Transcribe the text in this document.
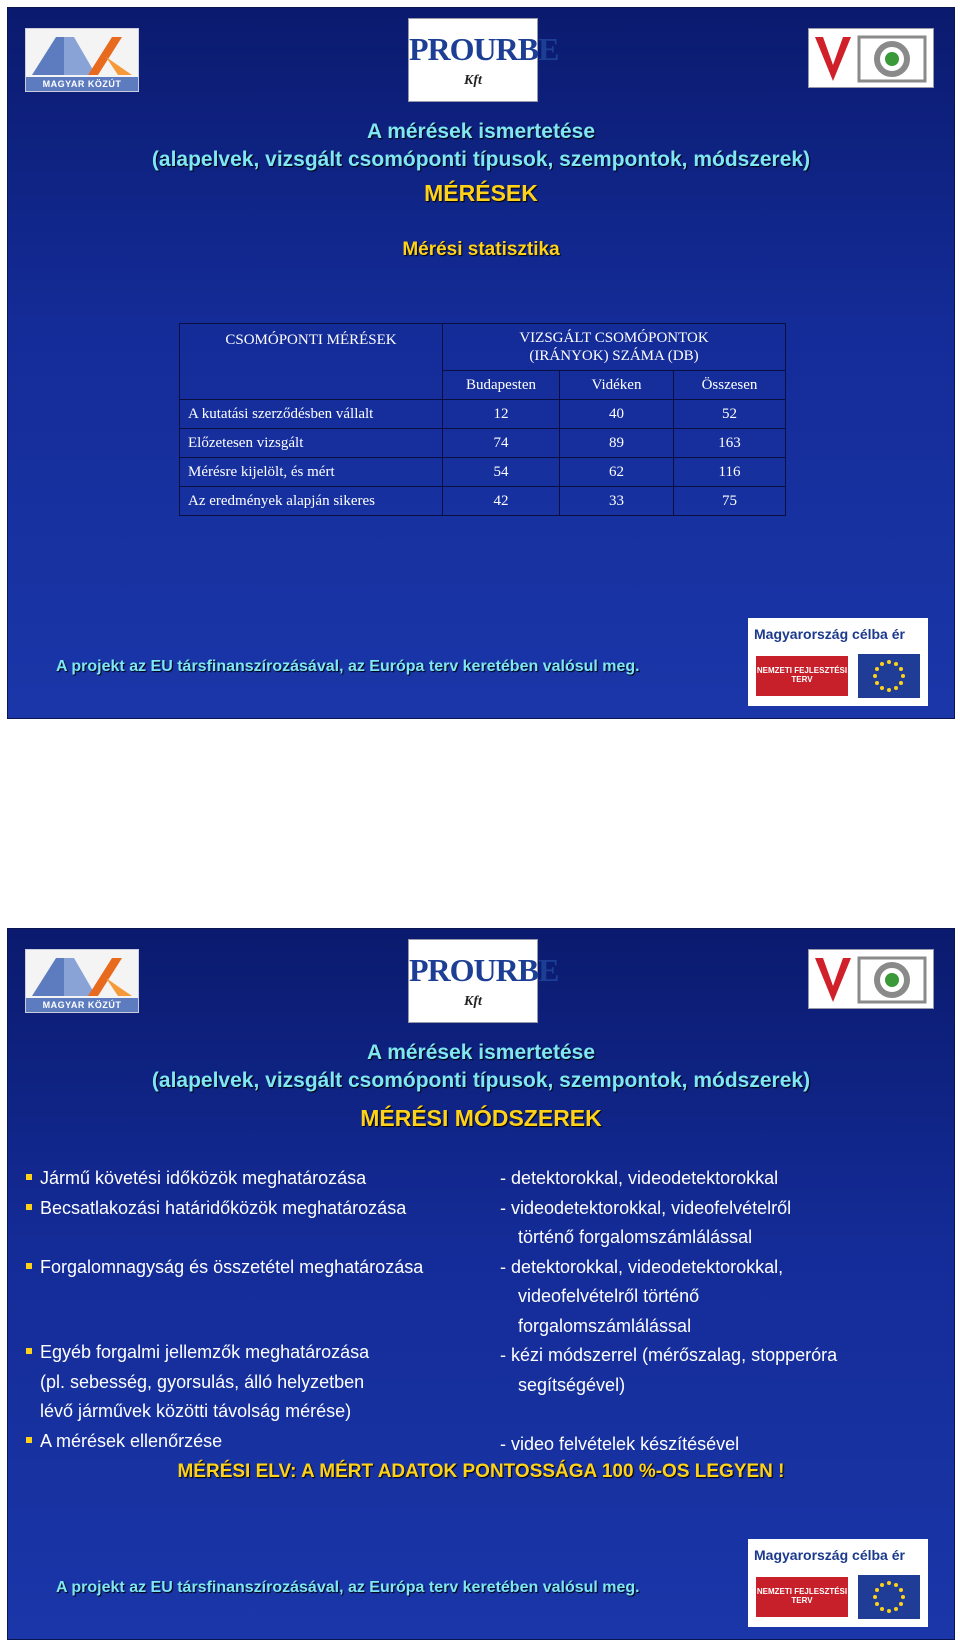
MAGYAR KÖZÚT
PROURBE
Kft
A mérések ismertetése
(alapelvek, vizsgált csomóponti típusok, szempontok, módszerek)
MÉRÉSEK
Mérési statisztika
CSOMÓPONTI MÉRÉSEK	VIZSGÁLT CSOMÓPONTOK
(IRÁNYOK) SZÁMA (DB)		
	Budapesten	Vidéken	Összesen
A kutatási szerződésben vállalt	12	40	52
Előzetesen vizsgált	74	89	163
Mérésre kijelölt, és mért	54	62	116
Az eredmények alapján sikeres	42	33	75
Magyarország célba ér
NEMZETI FEJLESZTÉSI TERV
A projekt az EU társfinanszírozásával, az Európa terv keretében valósul meg.
MAGYAR KÖZÚT
PROURBE
Kft
A mérések ismertetése
(alapelvek, vizsgált csomóponti típusok, szempontok, módszerek)
MÉRÉSI MÓDSZEREK
Jármű követési időközök meghatározása
Becsatlakozási határidőközök meghatározása

Forgalomnagyság és összetétel meghatározása

Egyéb forgalmi jellemzők meghatározása
(pl. sebesség, gyorsulás, álló helyzetben
lévő járművek közötti távolság mérése)
A mérések ellenőrzése
- detektorokkal, videodetektorokkal
- videodetektorokkal, videofelvételről
történő forgalomszámlálással
- detektorokkal, videodetektorokkal,
videofelvételről történő
forgalomszámlálással
- kézi módszerrel (mérőszalag, stopperóra
segítségével)

- video felvételek készítésével
MÉRÉSI ELV: A MÉRT ADATOK PONTOSSÁGA 100 %-OS LEGYEN !
Magyarország célba ér
NEMZETI FEJLESZTÉSI TERV
A projekt az EU társfinanszírozásával, az Európa terv keretében valósul meg.
